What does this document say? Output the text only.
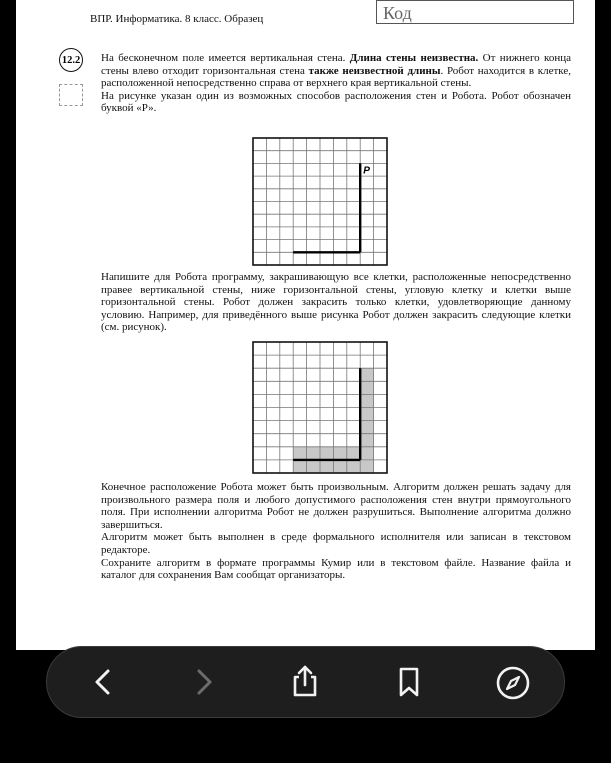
ВПР. Информатика. 8 класс. Образец	Код
12.2 На бесконечном поле имеется вертикальная стена. Длина стены неизвестна. От нижнего конца стены влево отходит горизонтальная стена также неизвестной длины. Робот находится в клетке, расположенной непосредственно справа от верхнего края вертикальной стены.

На рисунке указан один из возможных способов расположения стен и Робота. Робот обозначен буквой «Р».

Р
Напишите для Робота программу, закрашивающую все клетки, расположенные непосредственно правее вертикальной стены, ниже горизонтальной стены, угловую клетку и клетки выше горизонтальной стены. Робот должен закрасить только клетки, удовлетворяющие данному условию. Например, для приведённого выше рисунка Робот должен закрасить следующие клетки (см. рисунок).

Конечное расположение Робота может быть произвольным. Алгоритм должен решать задачу для произвольного размера поля и любого допустимого расположения стен внутри прямоугольного поля. При исполнении алгоритма Робот не должен разрушиться. Выполнение алгоритма должно завершиться.

Алгоритм может быть выполнен в среде формального исполнителя или записан в текстовом редакторе.

Сохраните алгоритм в формате программы Кумир или в текстовом файле. Название файла и каталог для сохранения Вам сообщат организаторы.
